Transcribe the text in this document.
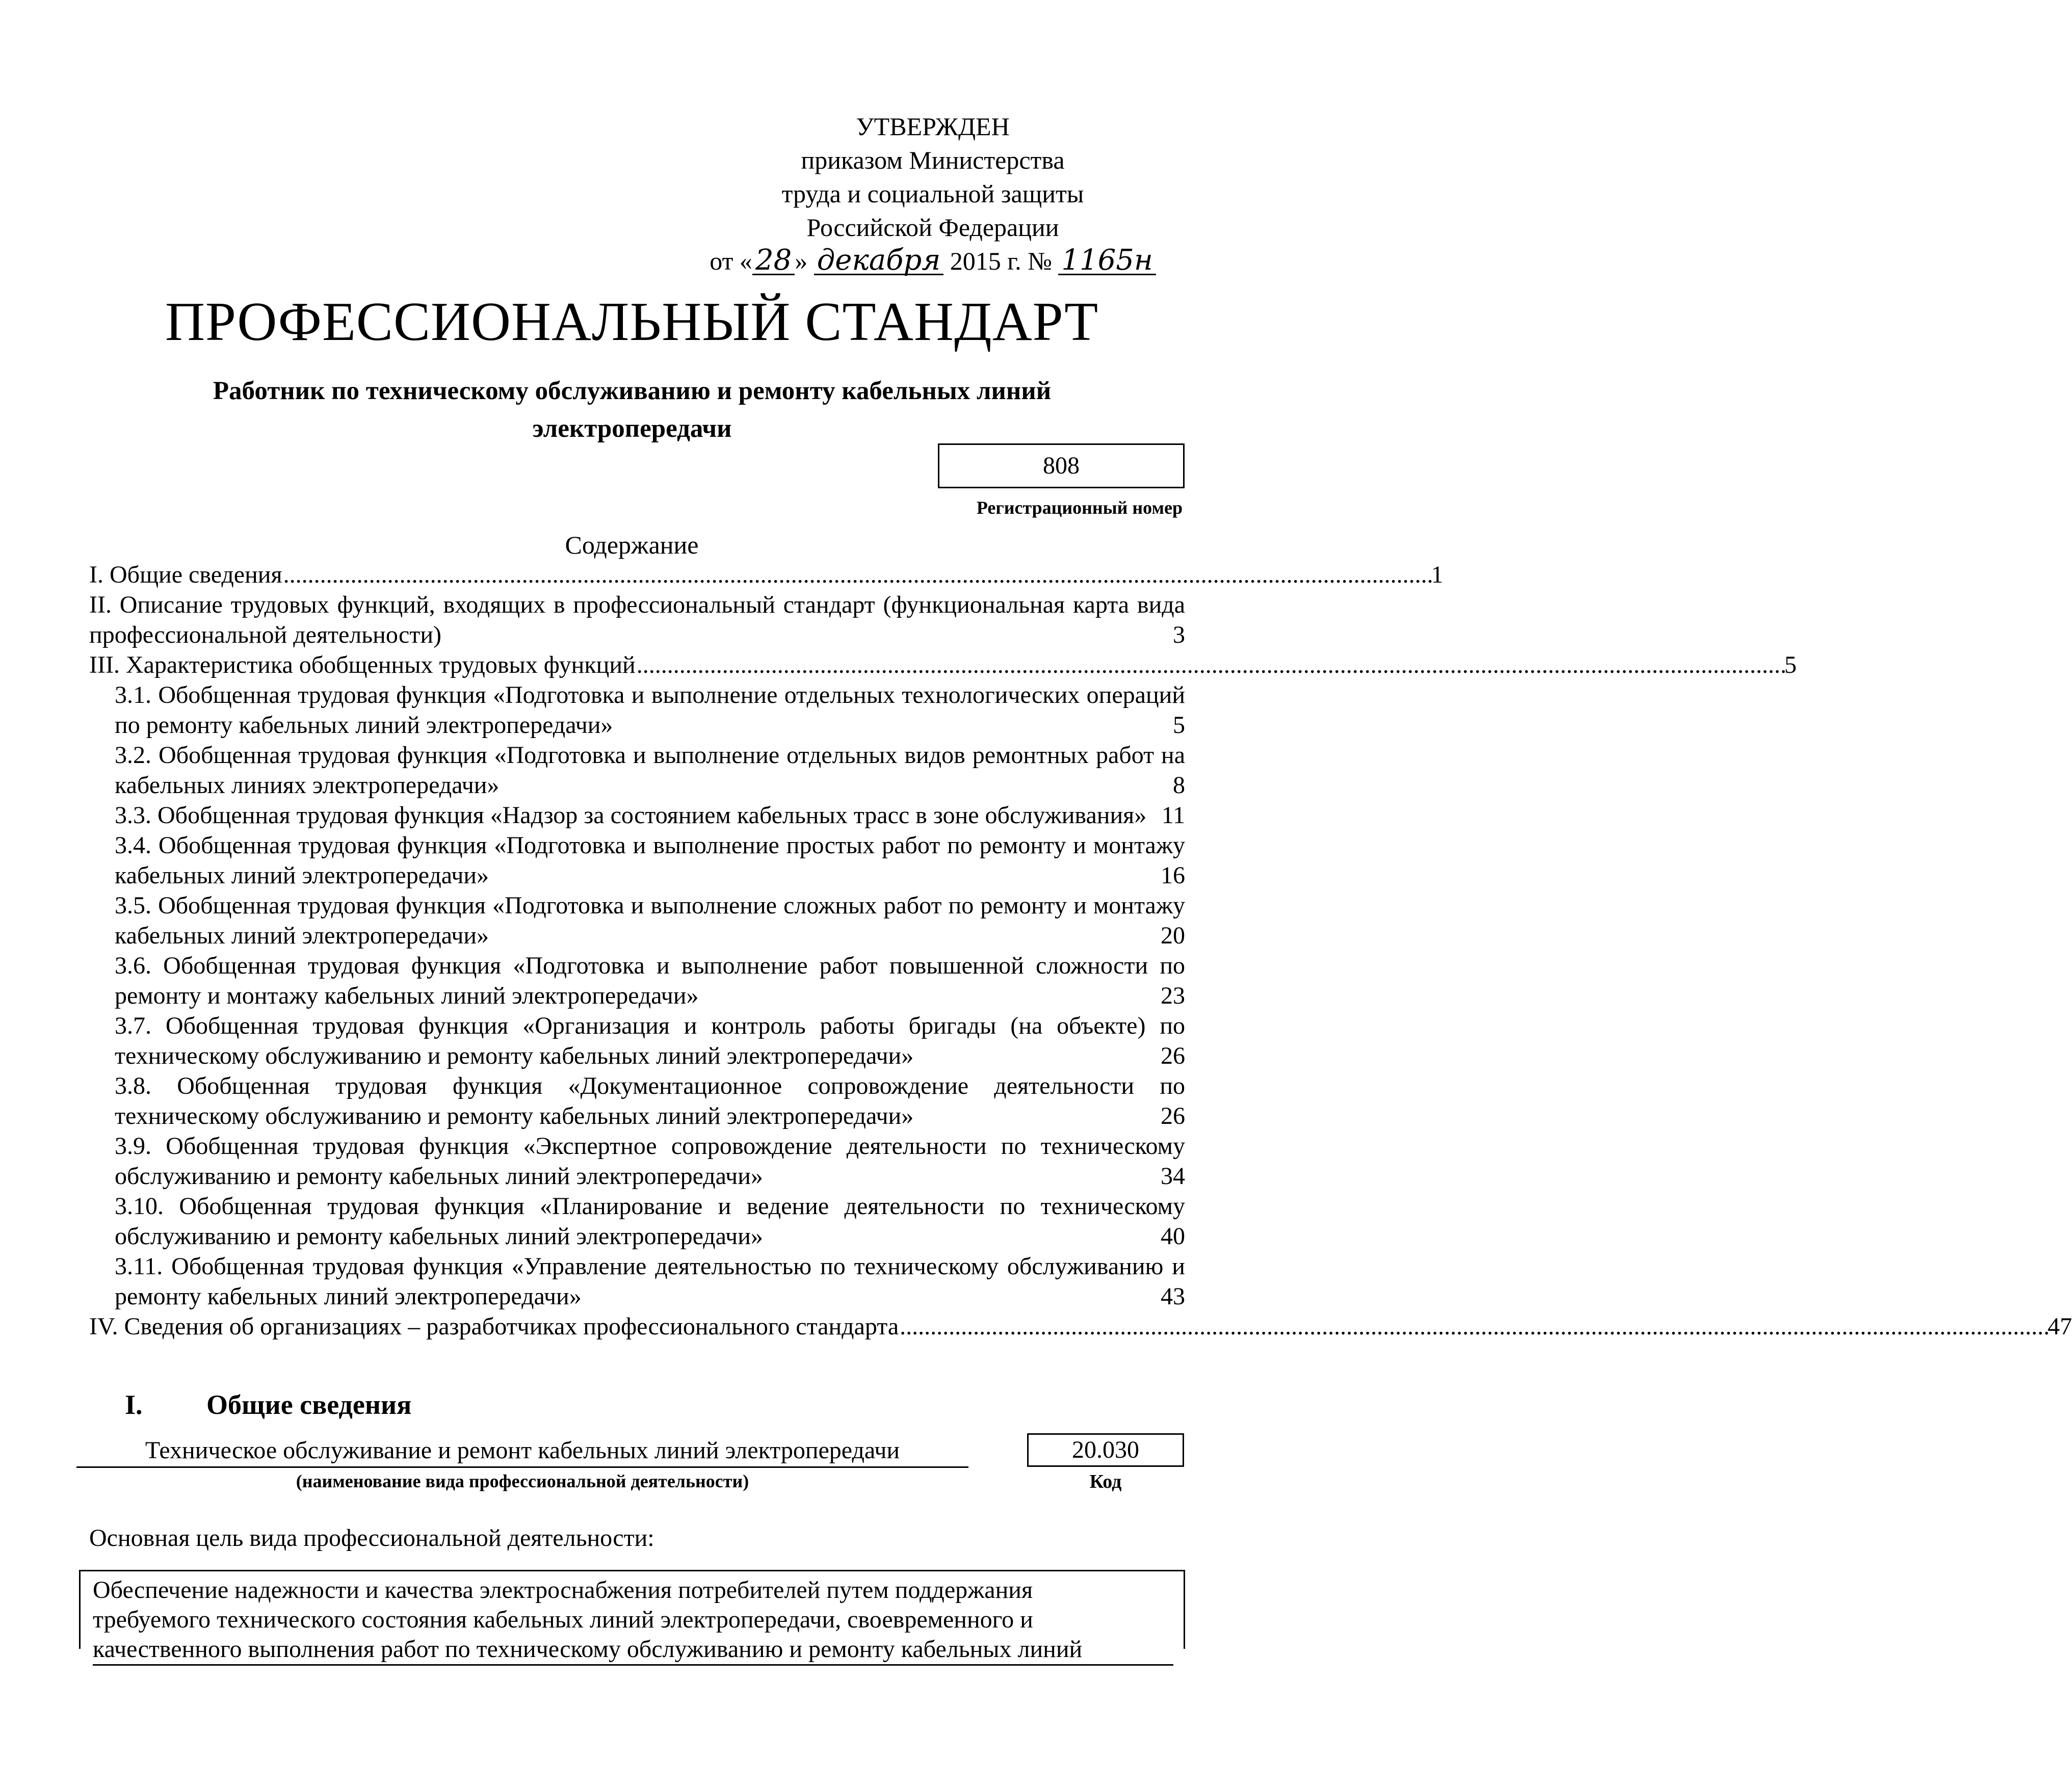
УТВЕРЖДЕН
приказом Министерства
труда и социальной защиты
Российской Федерации
от « 28 » декабря 2015 г. № 1165н
ПРОФЕССИОНАЛЬНЫЙ СТАНДАРТ
Работник по техническому обслуживанию и ремонту кабельных линий электропередачи
808
Регистрационный номер
Содержание
I. Общие сведения . . .	1
II. Описание трудовых функций, входящих в профессиональный стандарт (функциональная карта вида профессиональной деятельности)	3
III. Характеристика обобщенных трудовых функций . . .	5
3.1. Обобщенная трудовая функция «Подготовка и выполнение отдельных технологических операций по ремонту кабельных линий электропередачи»	5
3.2. Обобщенная трудовая функция «Подготовка и выполнение отдельных видов ремонтных работ на кабельных линиях электропередачи»	8
3.3. Обобщенная трудовая функция «Надзор за состоянием кабельных трасс в зоне обслуживания» 11
3.4. Обобщенная трудовая функция «Подготовка и выполнение простых работ по ремонту и монтажу кабельных линий электропередачи»	16
3.5. Обобщенная трудовая функция «Подготовка и выполнение сложных работ по ремонту и монтажу кабельных линий электропередачи»	20
3.6. Обобщенная трудовая функция «Подготовка и выполнение работ повышенной сложности по ремонту и монтажу кабельных линий электропередачи»	23
3.7. Обобщенная трудовая функция «Организация и контроль работы бригады (на объекте) по техническому обслуживанию и ремонту кабельных линий электропередачи»	26
3.8. Обобщенная трудовая функция «Документационное сопровождение деятельности по техническому обслуживанию и ремонту кабельных линий электропередачи»	26
3.9. Обобщенная трудовая функция «Экспертное сопровождение деятельности по техническому обслуживанию и ремонту кабельных линий электропередачи»	34
3.10. Обобщенная трудовая функция «Планирование и ведение деятельности по техническому обслуживанию и ремонту кабельных линий электропередачи»	40
3.11. Обобщенная трудовая функция «Управление деятельностью по техническому обслуживанию и ремонту кабельных линий электропередачи»	43
IV. Сведения об организациях – разработчиках профессионального стандарта . . .	47
I. Общие сведения
Техническое обслуживание и ремонт кабельных линий электропередачи
(наименование вида профессиональной деятельности)
20.030
Код
Основная цель вида профессиональной деятельности:
Обеспечение надежности и качества электроснабжения потребителей путем поддержания
требуемого технического состояния кабельных линий электропередачи, своевременного и
качественного выполнения работ по техническому обслуживанию и ремонту кабельных линий
